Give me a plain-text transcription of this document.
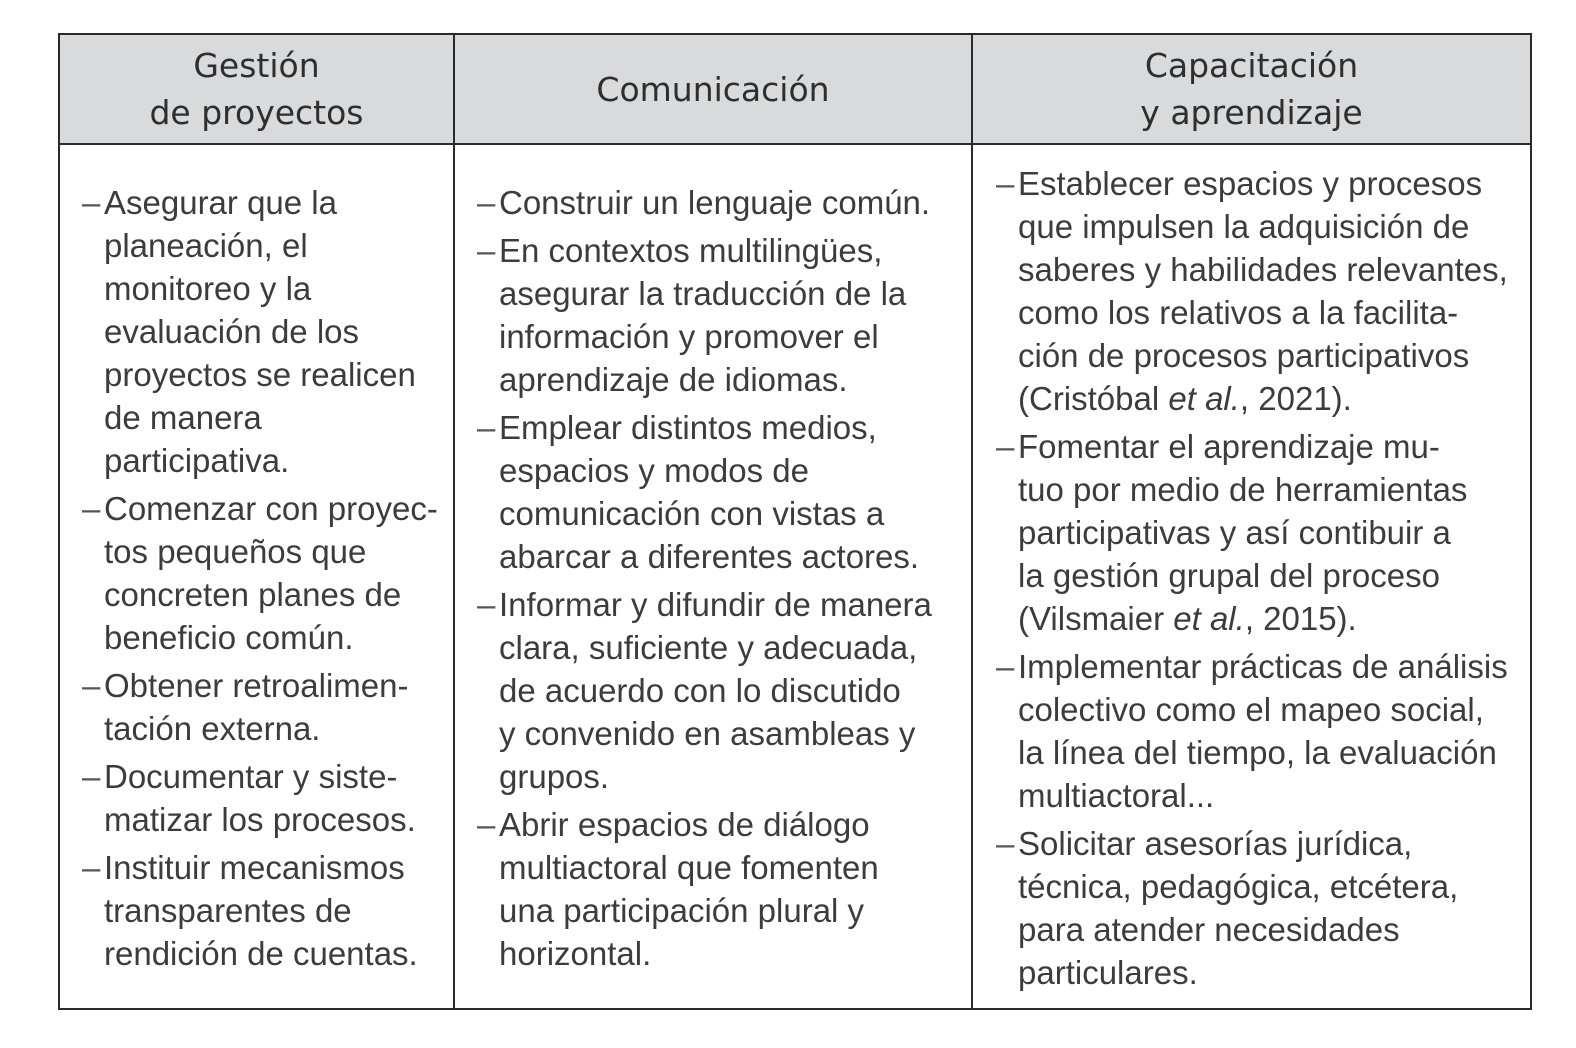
Gestión
de proyectos
Comunicación
Capacitación
y aprendizaje
– Asegurar que la
planeación, el
monitoreo y la
evaluación de los
proyectos se realicen
de manera
participativa.
– Comenzar con proyec-
tos pequeños que
concreten planes de
beneficio común.
– Obtener retroalimen-
tación externa.
– Documentar y siste-
matizar los procesos.
– Instituir mecanismos
transparentes de
rendición de cuentas.
– Construir un lenguaje común.
– En contextos multilingües,
asegurar la traducción de la
información y promover el
aprendizaje de idiomas.
– Emplear distintos medios,
espacios y modos de
comunicación con vistas a
abarcar a diferentes actores.
– Informar y difundir de manera
clara, suficiente y adecuada,
de acuerdo con lo discutido
y convenido en asambleas y
grupos.
– Abrir espacios de diálogo
multiactoral que fomenten
una participación plural y
horizontal.
– Establecer espacios y procesos
que impulsen la adquisición de
saberes y habilidades relevantes,
como los relativos a la facilita-
ción de procesos participativos
(Cristóbal et al., 2021).
– Fomentar el aprendizaje mu-
tuo por medio de herramientas
participativas y así contibuir a
la gestión grupal del proceso
(Vilsmaier et al., 2015).
– Implementar prácticas de análisis
colectivo como el mapeo social,
la línea del tiempo, la evaluación
multiactoral...
– Solicitar asesorías jurídica,
técnica, pedagógica, etcétera,
para atender necesidades
particulares.
